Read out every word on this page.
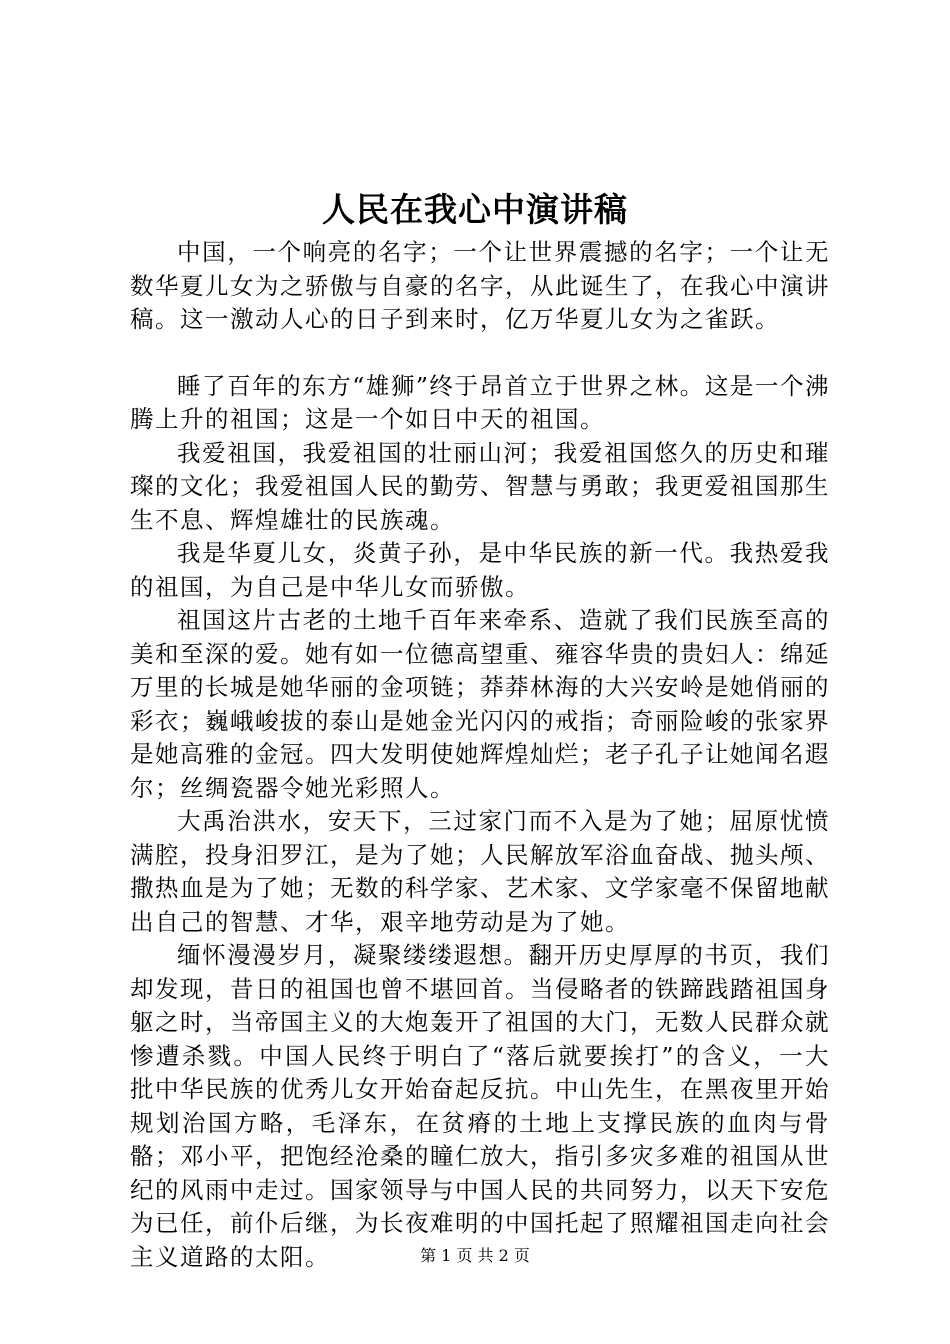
人民在我心中演讲稿

中国，一个响亮的名字；一个让世界震撼的名字；一个让无数华夏儿女为之骄傲与自豪的名字，从此诞生了，在我心中演讲稿。这一激动人心的日子到来时，亿万华夏儿女为之雀跃。

睡了百年的东方“雄狮”终于昂首立于世界之林。这是一个沸腾上升的祖国；这是一个如日中天的祖国。

我爱祖国，我爱祖国的壮丽山河；我爱祖国悠久的历史和璀璨的文化；我爱祖国人民的勤劳、智慧与勇敢；我更爱祖国那生生不息、辉煌雄壮的民族魂。

我是华夏儿女，炎黄子孙，是中华民族的新一代。我热爱我的祖国，为自己是中华儿女而骄傲。

祖国这片古老的土地千百年来牵系、造就了我们民族至高的美和至深的爱。她有如一位德高望重、雍容华贵的贵妇人：绵延万里的长城是她华丽的金项链；莽莽林海的大兴安岭是她俏丽的彩衣；巍峨峻拔的泰山是她金光闪闪的戒指；奇丽险峻的张家界是她高雅的金冠。四大发明使她辉煌灿烂；老子孔子让她闻名遐尔；丝绸瓷器令她光彩照人。

大禹治洪水，安天下，三过家门而不入是为了她；屈原忧愤满腔，投身汨罗江，是为了她；人民解放军浴血奋战、抛头颅、撒热血是为了她；无数的科学家、艺术家、文学家毫不保留地献出自己的智慧、才华，艰辛地劳动是为了她。

缅怀漫漫岁月，凝聚缕缕遐想。翻开历史厚厚的书页，我们却发现，昔日的祖国也曾不堪回首。当侵略者的铁蹄践踏祖国身躯之时，当帝国主义的大炮轰开了祖国的大门，无数人民群众就惨遭杀戮。中国人民终于明白了“落后就要挨打”的含义，一大批中华民族的优秀儿女开始奋起反抗。中山先生，在黑夜里开始规划治国方略，毛泽东，在贫瘠的土地上支撑民族的血肉与骨骼；邓小平，把饱经沧桑的瞳仁放大，指引多灾多难的祖国从世纪的风雨中走过。国家领导与中国人民的共同努力，以天下安危为已任，前仆后继，为长夜难明的中国托起了照耀祖国走向社会主义道路的太阳。	第 1 页 共 2 页
